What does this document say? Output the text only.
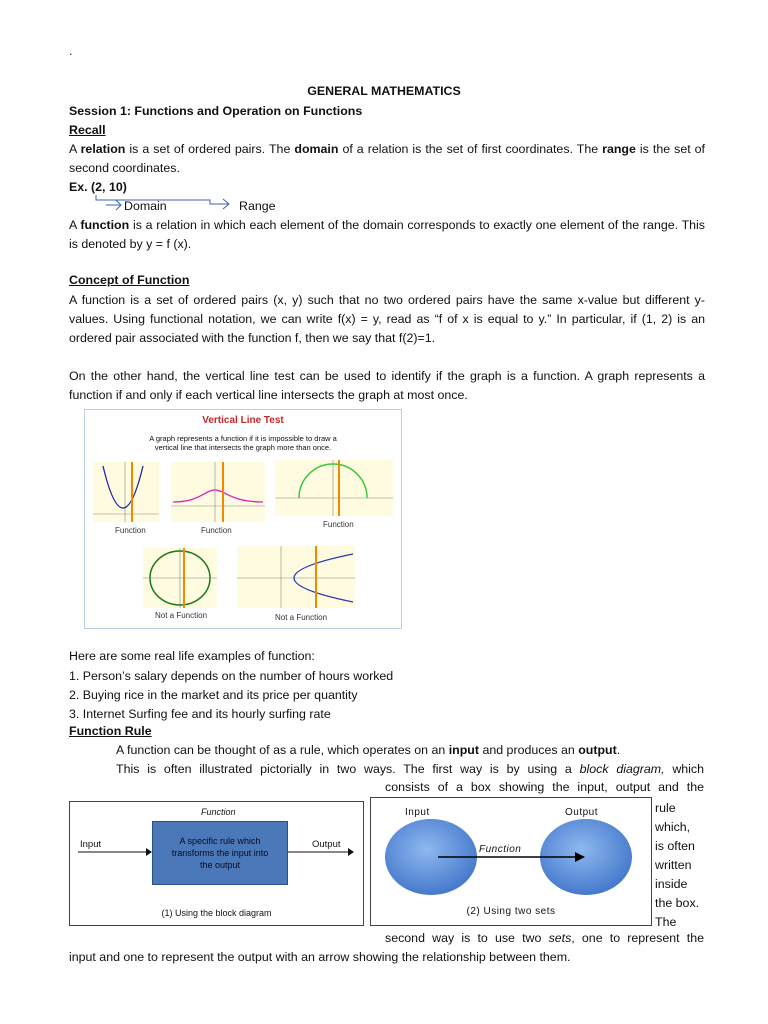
.
GENERAL MATHEMATICS
Session 1: Functions and Operation on Functions
Recall
A relation is a set of ordered pairs. The domain of a relation is the set of first coordinates. The range is the set of second coordinates.
Ex. (2, 10)
Domain	Range
A function is a relation in which each element of the domain corresponds to exactly one element of the range. This is denoted by y = f (x).
Concept of Function
A function is a set of ordered pairs (x, y) such that no two ordered pairs have the same x-value but different y-values. Using functional notation, we can write f(x) = y, read as “f of x is equal to y.” In particular, if (1, 2) is an ordered pair associated with the function f, then we say that f(2)=1.
On the other hand, the vertical line test can be used to identify if the graph is a function. A graph represents a function if and only if each vertical line intersects the graph at most once.
Vertical Line Test
A graph represents a function if it is impossible to draw a
vertical line that intersects the graph more than once.
Function	Function
Function
Not a Function	Not a Function
Here are some real life examples of function:
1. Person’s salary depends on the number of hours worked
2. Buying rice in the market and its price per quantity
3. Internet Surfing fee and its hourly surfing rate
Function Rule
A function can be thought of as a rule, which operates on an input and produces an output.
This is often illustrated pictorially in two ways. The first way is by using a block diagram, which
consists of a box showing the input, output and the
rule
which,
is often
written
inside
the box.
The
second way is to use two sets, one to represent the
input and one to represent the output with an arrow showing the relationship between them.
Function
Input	Output
A specific rule which
transforms the input into
the output
(1) Using the block diagram
Input	Output
Function
(2) Using two sets
